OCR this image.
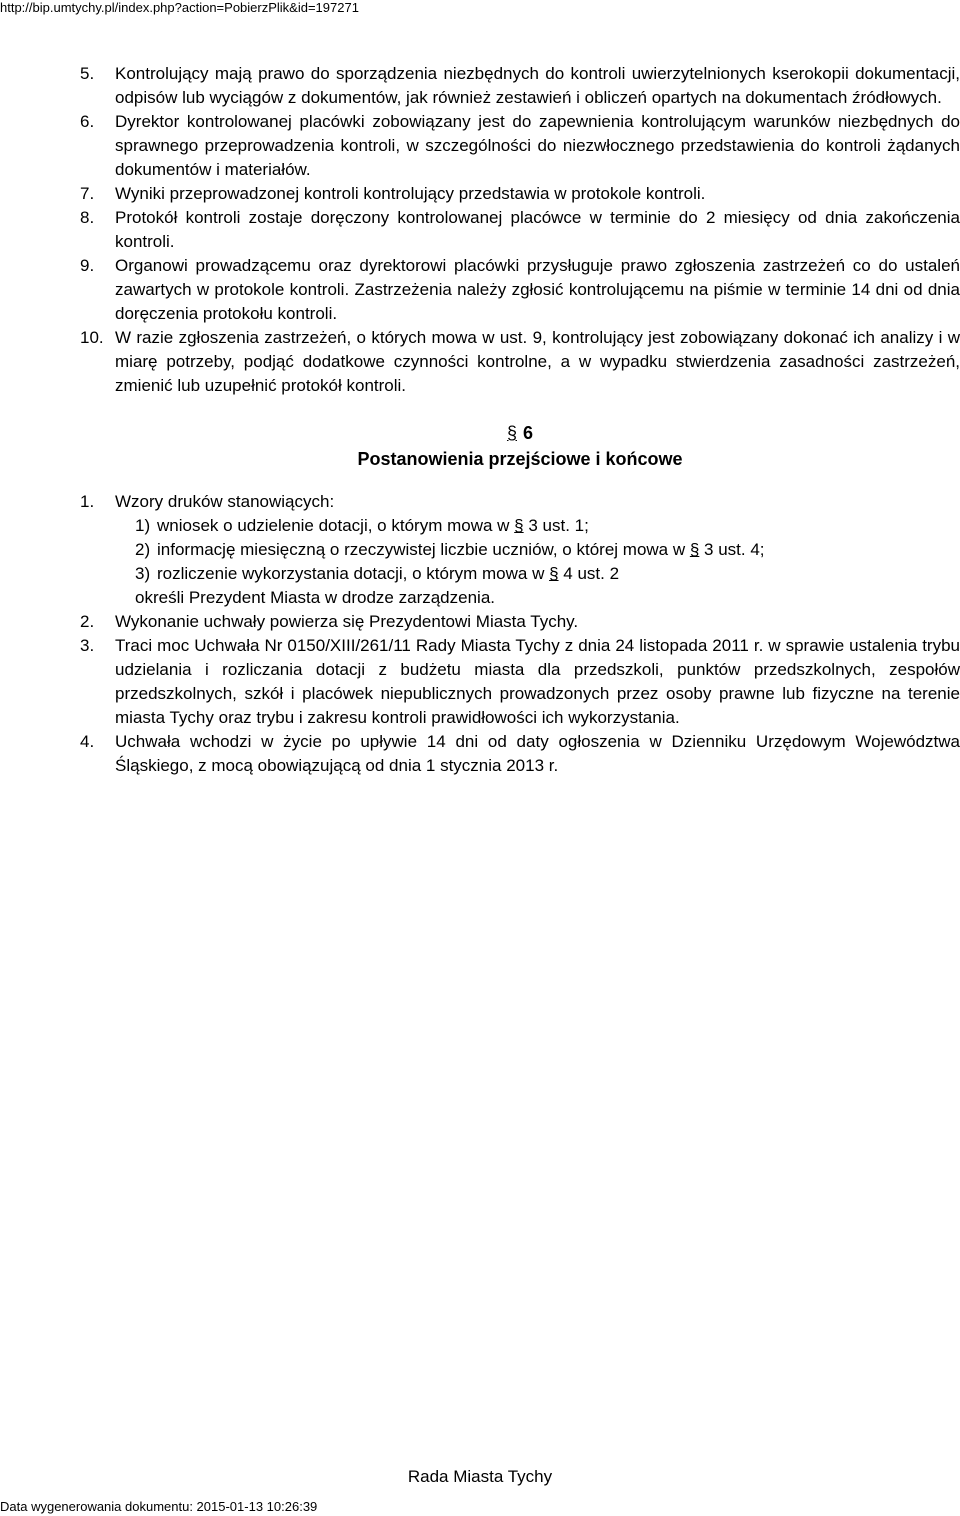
http://bip.umtychy.pl/index.php?action=PobierzPlik&id=197271
5.	Kontrolujący mają prawo do sporządzenia niezbędnych do kontroli uwierzytelnionych kserokopii dokumentacji, odpisów lub wyciągów z dokumentów, jak również zestawień i obliczeń opartych na dokumentach źródłowych.
6.	Dyrektor kontrolowanej placówki zobowiązany jest do zapewnienia kontrolującym warunków niezbędnych do sprawnego przeprowadzenia kontroli, w szczególności do niezwłocznego przedstawienia do kontroli żądanych dokumentów i materiałów.
7.	Wyniki przeprowadzonej kontroli kontrolujący przedstawia w protokole kontroli.
8.	Protokół kontroli zostaje doręczony kontrolowanej placówce w terminie do 2 miesięcy od dnia zakończenia kontroli.
9.	Organowi prowadzącemu oraz dyrektorowi placówki przysługuje prawo zgłoszenia zastrzeżeń co do ustaleń zawartych w protokole kontroli. Zastrzeżenia należy zgłosić kontrolującemu na piśmie w terminie 14 dni od dnia doręczenia protokołu kontroli.
10. W razie zgłoszenia zastrzeżeń, o których mowa w ust. 9, kontrolujący jest zobowiązany dokonać ich analizy i w miarę potrzeby, podjąć dodatkowe czynności kontrolne, a w wypadku stwierdzenia zasadności zastrzeżeń, zmienić lub uzupełnić protokół kontroli.
§ 6
Postanowienia przejściowe i końcowe
1.	Wzory druków stanowiących:
1) wniosek o udzielenie dotacji, o którym mowa w § 3 ust. 1;
2) informację miesięczną o rzeczywistej liczbie uczniów, o której mowa w § 3 ust. 4;
3) rozliczenie wykorzystania dotacji, o którym mowa w § 4 ust. 2
określi Prezydent Miasta w drodze zarządzenia.
2.	Wykonanie uchwały powierza się Prezydentowi Miasta Tychy.
3.	Traci moc Uchwała Nr 0150/XIII/261/11 Rady Miasta Tychy z dnia 24 listopada 2011 r. w sprawie ustalenia trybu udzielania i rozliczania dotacji z budżetu miasta dla przedszkoli, punktów przedszkolnych, zespołów przedszkolnych, szkół i placówek niepublicznych prowadzonych przez osoby prawne lub fizyczne na terenie miasta Tychy oraz trybu i zakresu kontroli prawidłowości ich wykorzystania.
4.	Uchwała wchodzi w życie po upływie 14 dni od daty ogłoszenia w Dzienniku Urzędowym Województwa Śląskiego, z mocą obowiązującą od dnia 1 stycznia 2013 r.
Rada Miasta Tychy
Data wygenerowania dokumentu: 2015-01-13 10:26:39
